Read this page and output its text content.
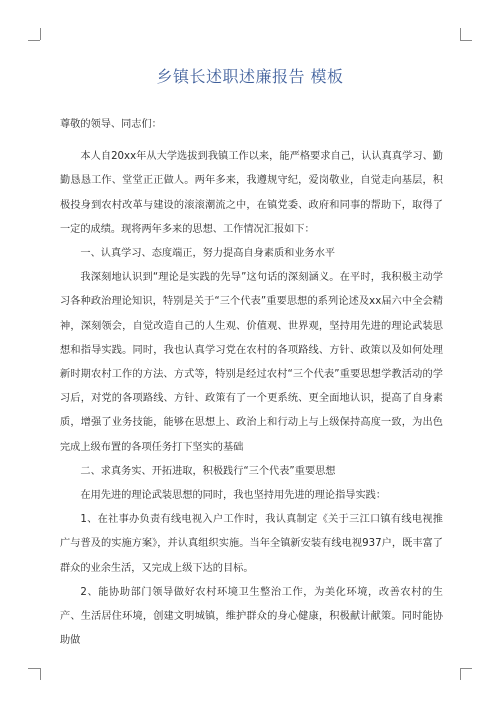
乡镇长述职述廉报告 模板

尊敬的领导、同志们：

本人自20xx年从大学选拔到我镇工作以来，能严格要求自己，认认真真学习、勤勤恳恳工作、堂堂正正做人。两年多来，我遵规守纪，爱岗敬业，自觉走向基层，积极投身到农村改革与建设的滚滚潮流之中，在镇党委、政府和同事的帮助下，取得了一定的成绩。现将两年多来的思想、工作情况汇报如下：

一、认真学习、态度端正，努力提高自身素质和业务水平

我深刻地认识到“理论是实践的先导”这句话的深刻涵义。在平时，我积极主动学习各种政治理论知识，特别是关于“三个代表”重要思想的系列论述及xx届六中全会精神，深刻领会，自觉改造自己的人生观、价值观、世界观，坚持用先进的理论武装思想和指导实践。同时，我也认真学习党在农村的各项路线、方针、政策以及如何处理新时期农村工作的方法、方式等，特别是经过农村“三个代表”重要思想学教活动的学习后，对党的各项路线、方针、政策有了一个更系统、更全面地认识，提高了自身素质，增强了业务技能，能够在思想上、政治上和行动上与上级保持高度一致，为出色完成上级布置的各项任务打下坚实的基础

二、求真务实、开拓进取，积极践行“三个代表”重要思想

在用先进的理论武装思想的同时，我也坚持用先进的理论指导实践：

1、在社事办负责有线电视入户工作时，我认真制定《关于三江口镇有线电视推广与普及的实施方案》，并认真组织实施。当年全镇新安装有线电视937户，既丰富了群众的业余生活，又完成上级下达的目标。

2、能协助部门领导做好农村环境卫生整治工作，为美化环境，改善农村的生产、生活居住环境，创建文明城镇，维护群众的身心健康，积极献计献策。同时能协助做
